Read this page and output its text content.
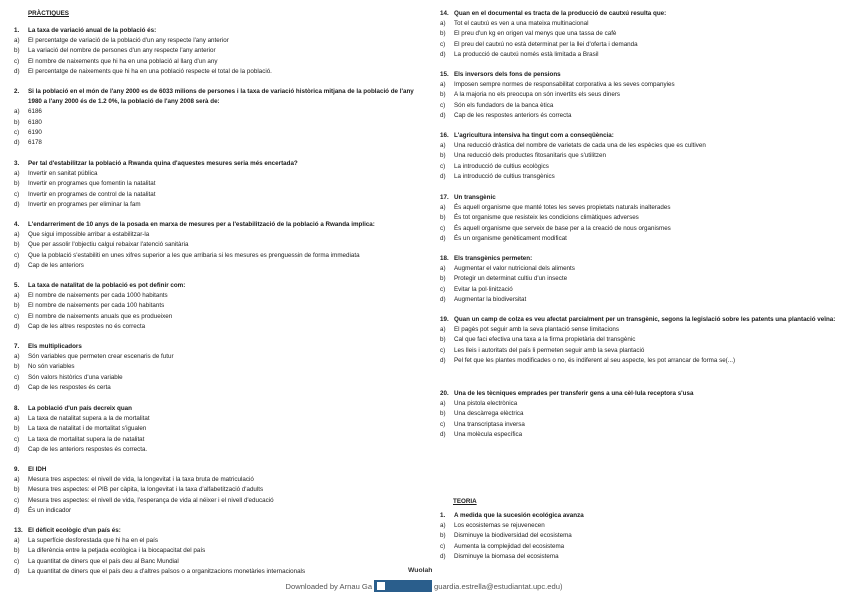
PRÀCTIQUES
1.	La taxa de variació anual de la població és:
a)	El percentatge de variació de la població d'un any respecte l'any anterior
b)	La variació del nombre de persones d'un any respecte l'any anterior
c)	El nombre de naixements que hi ha en una població al llarg d'un any
d)	El percentatge de naixements que hi ha en una població respecte el total de la població.
2.	Si la població en el món de l'any 2000 es de 6033 milions de persones i la taxa de variació històrica mitjana de la població de l'any 1980 a l'any 2000 és de 1.2 0%, la població de l'any 2008 serà de:
a)	6186
b)	6180
c)	6190
d)	6178
3.	Per tal d'estabilitzar la població a Rwanda quina d'aquestes mesures seria més encertada?
a)	Invertir en sanitat pública
b)	Invertir en programes que fomentin la natalitat
c)	Invertir en programes de control de la natalitat
d)	Invertir en programes per eliminar la fam
4.	L'endarreriment de 10 anys de la posada en marxa de mesures per a l'estabilització de la població a Rwanda implica:
a)	Que sigui impossible arribar a estabilitzar-la
b)	Que per assolir l'objectiu calgui rebaixar l'atenció sanitària
c)	Que la població s'estabiliti en unes xifres superior a les que arribaria si les mesures es prenguessin de forma immediata
d)	Cap de les anteriors
5.	La taxa de natalitat de la població es pot definir com:
a)	El nombre de naixements per cada 1000 habitants
b)	El nombre de naixements per cada 100 habitants
c)	El nombre de naixements anuals que es produeixen
d)	Cap de les altres respostes no és correcta
7.	Els multiplicadors
a)	Són variables que permeten crear escenaris de futur
b)	No són variables
c)	Són valors històrics d'una variable
d)	Cap de les respostes és certa
8.	La població d'un país decreix quan
a)	La taxa de natalitat supera a la de mortalitat
b)	La taxa de natalitat i de mortalitat s'igualen
c)	La taxa de mortalitat supera la de natalitat
d)	Cap de les anteriors respostes és correcta.
9.	El IDH
a)	Mesura tres aspectes: el nivell de vida, la longevitat i la taxa bruta de matriculació
b)	Mesura tres aspectes: el PIB per càpita, la longevitat i la taxa d'alfabetització d'adults
c)	Mesura tres aspectes: el nivell de vida, l'esperança de vida al néixer i el nivell d'educació
d)	És un indicador
13. El dèficit ecològic d'un país és:
a)	La superfície desforestada que hi ha en el país
b)	La diferència entre la petjada ecològica i la biocapacitat del país
c)	La quantitat de diners que el país deu al Banc Mundial
d)	La quantitat de diners que el país deu a d'altres països o a organitzacions monetàries internacionals
14. Quan en el documental es tracta de la producció de cautxú resulta que:
a)	Tot el cautxú es ven a una mateixa multinacional
b)	El preu d'un kg en origen val menys que una tassa de cafè
c)	El preu del cautxú no està determinat per la llei d'oferta i demanda
d)	La producció de cautxú només està limitada a Brasil
15. Els inversors dels fons de pensions
a)	Imposen sempre normes de responsabilitat corporativa a les seves companyies
b)	A la majoria no els preocupa on són invertits els seus diners
c)	Són els fundadors de la banca ètica
d)	Cap de les respostes anteriors és correcta
16. L'agricultura intensiva ha tingut com a conseqüència:
a)	Una reducció dràstica del nombre de varietats de cada una de les espècies que es cultiven
b)	Una reducció dels productes fitosanitaris que s'utilitzen
c)	La introducció de cultius ecològics
d)	La introducció de cultius transgènics
17. Un transgènic
a)	És aquell organisme que manté totes les seves propietats naturals inalterades
b)	És tot organisme que resisteix les condicions climàtiques adverses
c)	És aquell organisme que serveix de base per a la creació de nous organismes
d)	És un organisme genèticament modificat
18. Els transgènics permeten:
a)	Augmentar el valor nutricional dels aliments
b)	Protegir un determinat cultiu d'un insecte
c)	Evitar la pol·linització
d)	Augmentar la biodiversitat
19. Quan un camp de colza es veu afectat parcialment per un transgènic, segons la legislació sobre les patents una plantació veïna:
a)	El pagès pot seguir amb la seva plantació sense limitacions
b)	Cal que faci efectiva una taxa a la firma propietària del transgènic
c)	Les lleis i autoritats del país li permeten seguir amb la seva plantació
d)	Pel fet que les plantes modificades o no, és indiferent al seu aspecte, les pot arrancar de forma se(...)
20. Una de les tècniques emprades per transferir gens a una cèl·lula receptora s'usa
a)	Una pistola electrònica
b)	Una descàrrega elèctrica
c)	Una transcriptasa inversa
d)	Una molècula específica
TEORIA
1.	A medida que la sucesión ecológica avanza
a)	Los ecosistemas se rejuvenecen
b)	Disminuye la biodiversidad del ecosistema
c)	Aumenta la complejidad del ecosistema
d)	Disminuye la biomasa del ecosistema
Wuolah
Downloaded by Arnau Ga	guardia.estrella@estudiantat.upc.edu)
